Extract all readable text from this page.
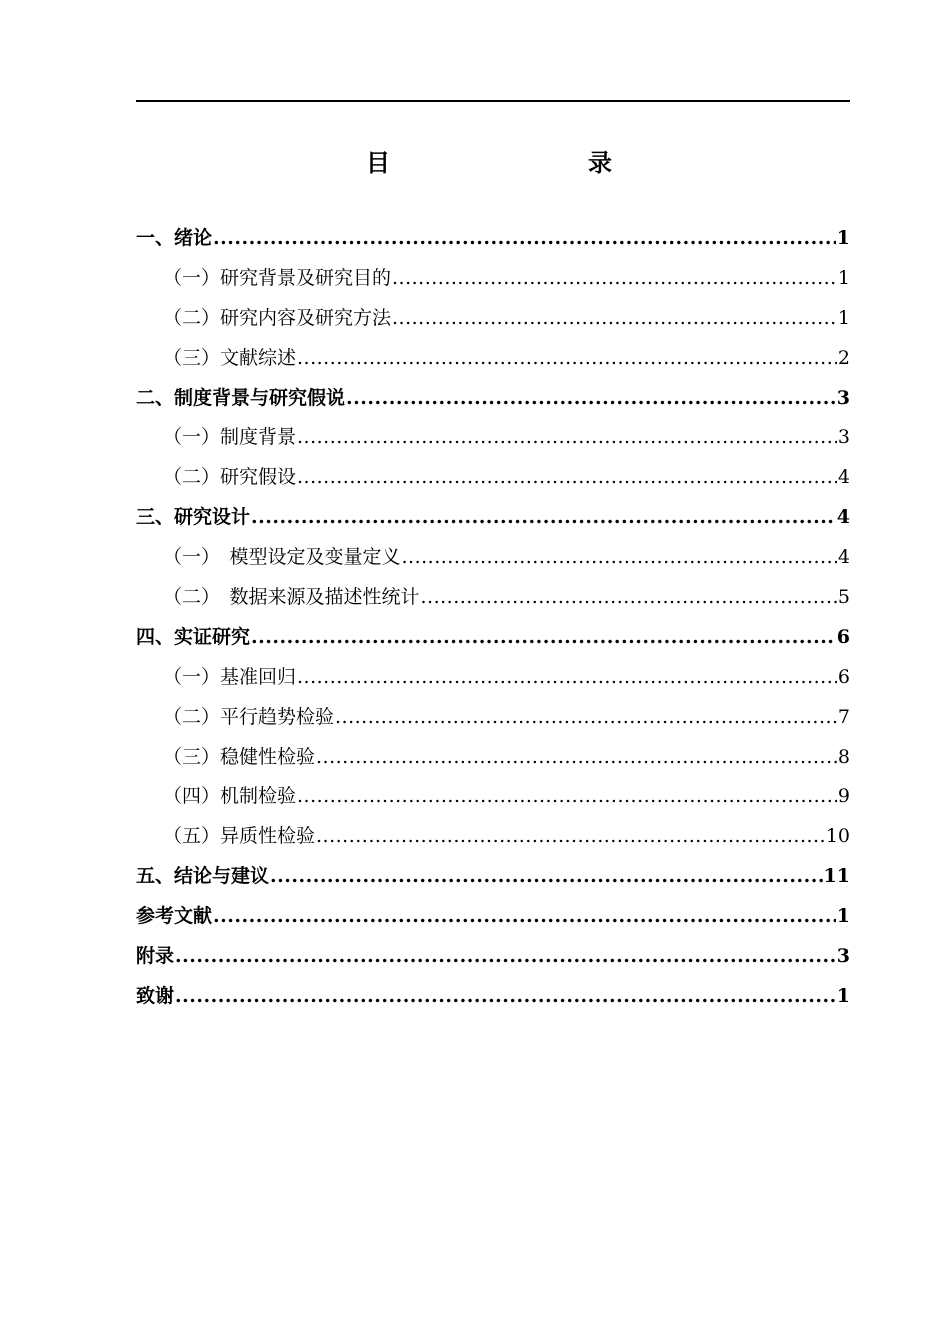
目　　录
一、绪论 .....	1
（一）研究背景及研究目的 .....	1
（二）研究内容及研究方法 .....	1
（三）文献综述 .....	2
二、制度背景与研究假说 .....	3
（一）制度背景 .....	3
（二）研究假设 .....	4
三、研究设计 .....	4
（一）　模型设定及变量定义 .....	4
（二）　数据来源及描述性统计 .....	5
四、实证研究 .....	6
（一）基准回归 .....	6
（二）平行趋势检验 .....	7
（三）稳健性检验 .....	8
（四）机制检验 .....	9
（五）异质性检验 .....	10
五、结论与建议 .....	11
参考文献 .....	1
附录 .....	3
致谢 .....	1
